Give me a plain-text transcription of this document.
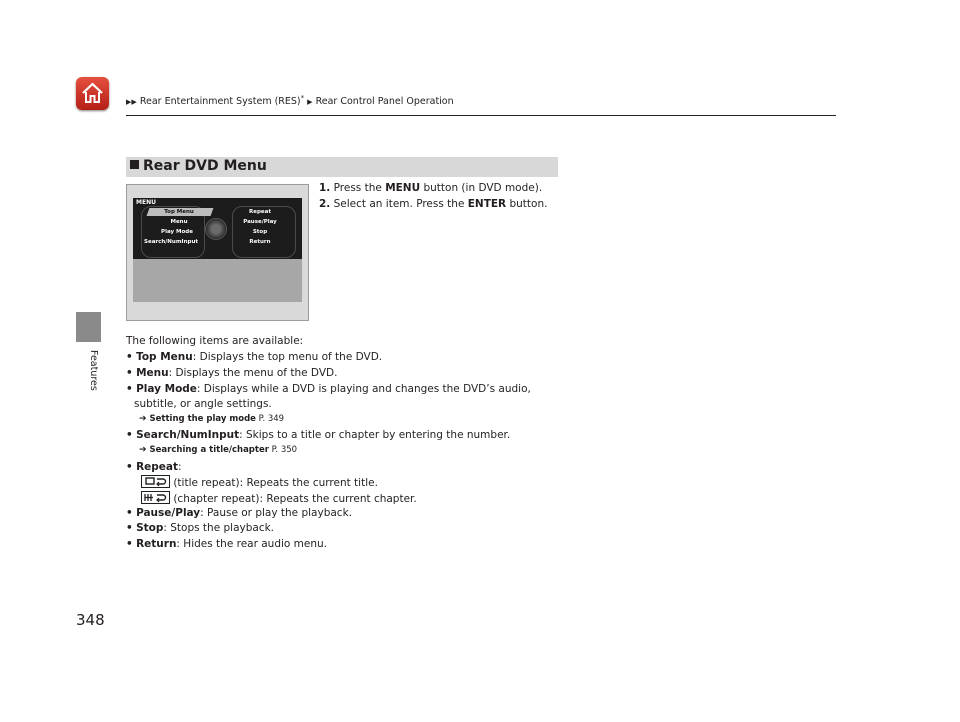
▶▶ Rear Entertainment System (RES)* ▶ Rear Control Panel Operation
Features
Rear DVD Menu
MENU
Top Menu
Menu
Play Mode
Search/NumInput
Repeat
Pause/Play
Stop
Return
1. Press the MENU button (in DVD mode).
2. Select an item. Press the ENTER button.
The following items are available:
• Top Menu: Displays the top menu of the DVD.
• Menu: Displays the menu of the DVD.
• Play Mode: Displays while a DVD is playing and changes the DVD’s audio,
subtitle, or angle settings.
➔ Setting the play mode P. 349
• Search/NumInput: Skips to a title or chapter by entering the number.
➔ Searching a title/chapter P. 350
• Repeat:
(title repeat): Repeats the current title.
(chapter repeat): Repeats the current chapter.
• Pause/Play: Pause or play the playback.
• Stop: Stops the playback.
• Return: Hides the rear audio menu.
348
